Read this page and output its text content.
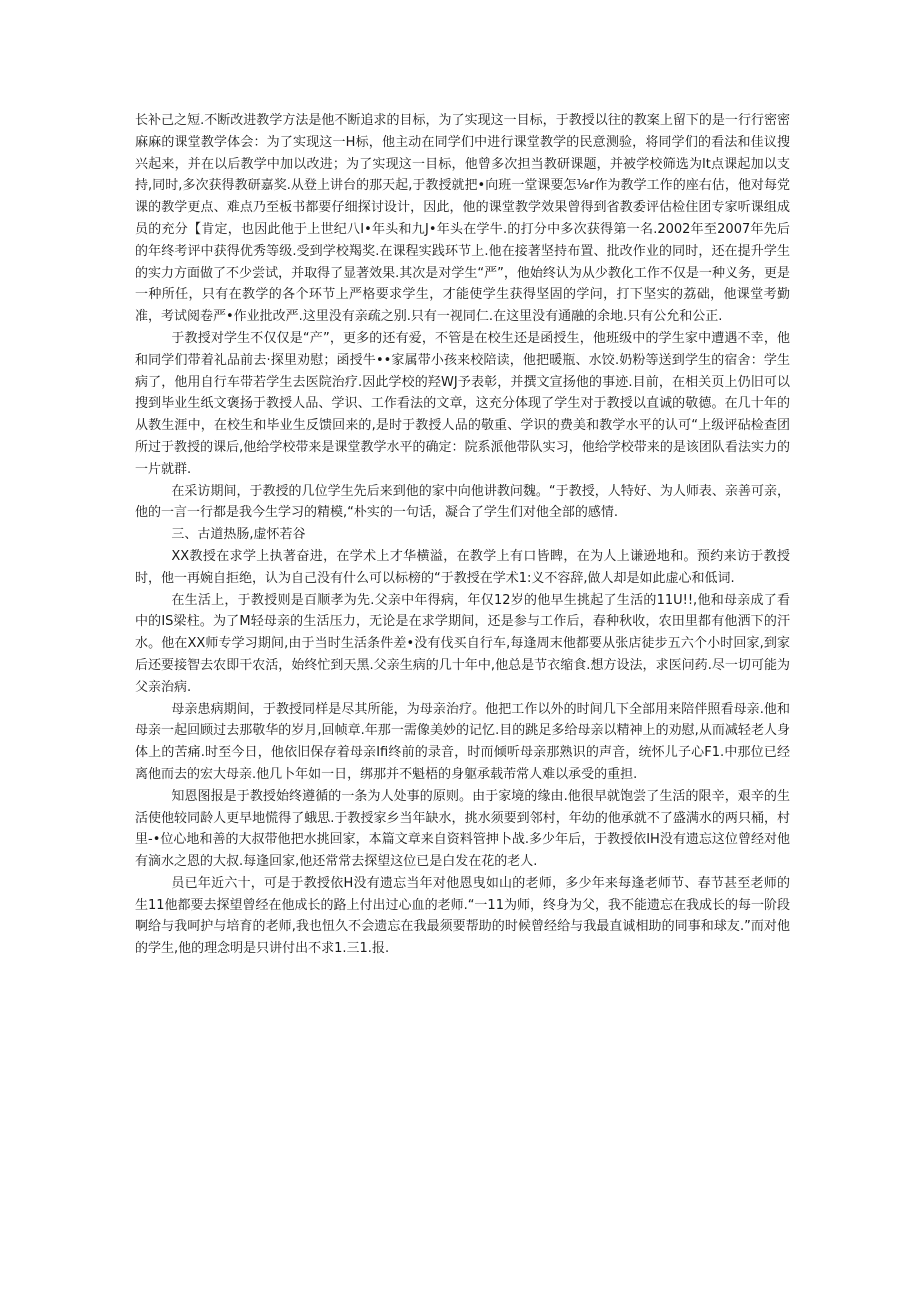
长补己之短.不断改进教学方法是他不断追求的目标，为了实现这一目标，于教授以往的教案上留下的是一行行密密麻麻的课堂教学体会：为了实现这一H标，他主动在同学们中进行课堂教学的民意测验，将同学们的看法和佳议搜兴起来，并在以后教学中加以改进；为了实现这一目标，他曾多次担当教研课题，并被学校筛选为lt点课起加以支持,同时,多次获得教研嘉奖.从登上讲台的那天起,于教授就把•向班一堂课要怎⅛r作为教学工作的座右估，他对每党课的教学更点、难点乃至板书都要仔细探讨设计，因此，他的课堂教学效果曾得到省教委评估检住团专家听课组成员的充分【肯定，也因此他于上世纪八I•年头和九J•年头在学牛.的打分中多次获得第一名.2002年至2007年先后的年终考评中获得优秀等级.受到学校羯奖.在课程实践环节上.他在接著坚持布置、批改作业的同时，还在提升学生的实力方面做了不少尝试，并取得了显著效果.其次是对学生“严”，他始终认为从少教化工作不仅是一种义务，更是一种所任，只有在教学的各个环节上严格要求学生，才能使学生获得坚固的学问，打下坚实的荔础，他课堂考勤准，考试阅卷严•作业批改严.这里没有亲疏之别.只有一视同仁.在这里没有通融的余地.只有公允和公正.

于教授对学生不仅仅是“产”，更多的还有爱，不管是在校生还是函授生，他班级中的学生家中遭遇不幸，他和同学们带着礼品前去·探里劝慰；函授牛••家属带小孩来校陪读，他把暖瓶、水饺.奶粉等送到学生的宿舍：学生病了，他用自行车带若学生去医院治疗.因此学校的羟WJ予表彰，并撰文宣扬他的事迹.目前，在相关页上仍旧可以搜到毕业生纸文褒扬于教授人品、学识、工作看法的文章，这充分体现了学生对于教授以直诚的敬德。在几十年的从教生涯中，在校生和毕业生反馈回来的,是时于教授人品的敬重、学识的费美和教学水平的认可“上级评砧检查团所过于教授的课后,他给学校带来是课堂教学水平的确定：院系派他带队实习，他给学校带来的是该团队看法实力的一片就群.

在采访期间，于教授的几位学生先后来到他的家中向他讲教问魏。“于教授，人特好、为人师表、亲善可亲，他的一言一行都是我今生学习的精模,“朴实的一句话，凝合了学生们对他全部的感情.

三、古道热肠,虚怀若谷

XX教授在求学上执著奋进，在学术上才华横溢，在教学上有口皆睥，在为人上谦逊地和。预约来访于教授时，他一再婉自拒绝，认为自己没有什么可以标榜的“于教授在学术1:义不容辞,做人却是如此虚心和低词.

在生活上，于教授则是百顺孝为先.父亲中年得病，年仅12岁的他早生挑起了生活的11U!!,他和母亲成了看中的IS梁柱。为了M轻母亲的生活压力，无论是在求学期间，还是参与工作后，春种秋收，农田里都有他洒下的汗水。他在XX师专学习期间,由于当时生活条件差•没有伐买自行车,每逢周末他都要从张店徒步五六个小时回家,到家后还要接智去农即干农活，始终忙到天黑.父亲生病的几十年中,他总是节衣缩食.想方设法，求医问药.尽一切可能为父亲治病.

母亲患病期间，于教授同样是尽其所能，为母亲治疗。他把工作以外的时间几下全部用来陪伴照看母亲.他和母亲一起回顾过去那敬华的岁月,回帧章.年那一需像美妙的记忆.目的跳足多给母亲以精神上的劝慰,从而减轻老人身体上的苦痛.时至今日，他依旧保存着母亲Ifi终前的录音，时而倾听母亲那熟识的声音，统怀儿子心F1.中那位已经离他而去的宏大母亲.他几卜年如一日，绑那并不魁梧的身躯承载芾常人难以承受的重担.

知恩图报是于教授始终遵循的一条为人处事的原则。由于家境的缘由.他很早就饱尝了生活的限辛，艰辛的生活使他较同龄人更早地慌得了蛾思.于教授家乡当年缺水，挑水须要到邻村，年幼的他承就不了盛满水的两只桶，村里-•位心地和善的大叔带他把水挑回家，本篇文章来自资料管抻卜战.多少年后，于教授依IH没有遗忘这位曾经对他有滴水之恩的大叔.每逢回家,他还常常去探望这位已是白发在花的老人.

员已年近六十，可是于教授依H没有遗忘当年对他恩曳如山的老师，多少年来每逢老师节、春节甚至老师的生11他都要去探望曾经在他成长的路上付出过心血的老师.“一11为师，终身为父，我不能遗忘在我成长的每一阶段啊给与我呵护与培育的老师,我也忸久不会遗忘在我最须要帮助的时候曾经给与我最直诚相助的同事和球友.”而对他的学生,他的理念明是只讲付出不求1.三1.报.
